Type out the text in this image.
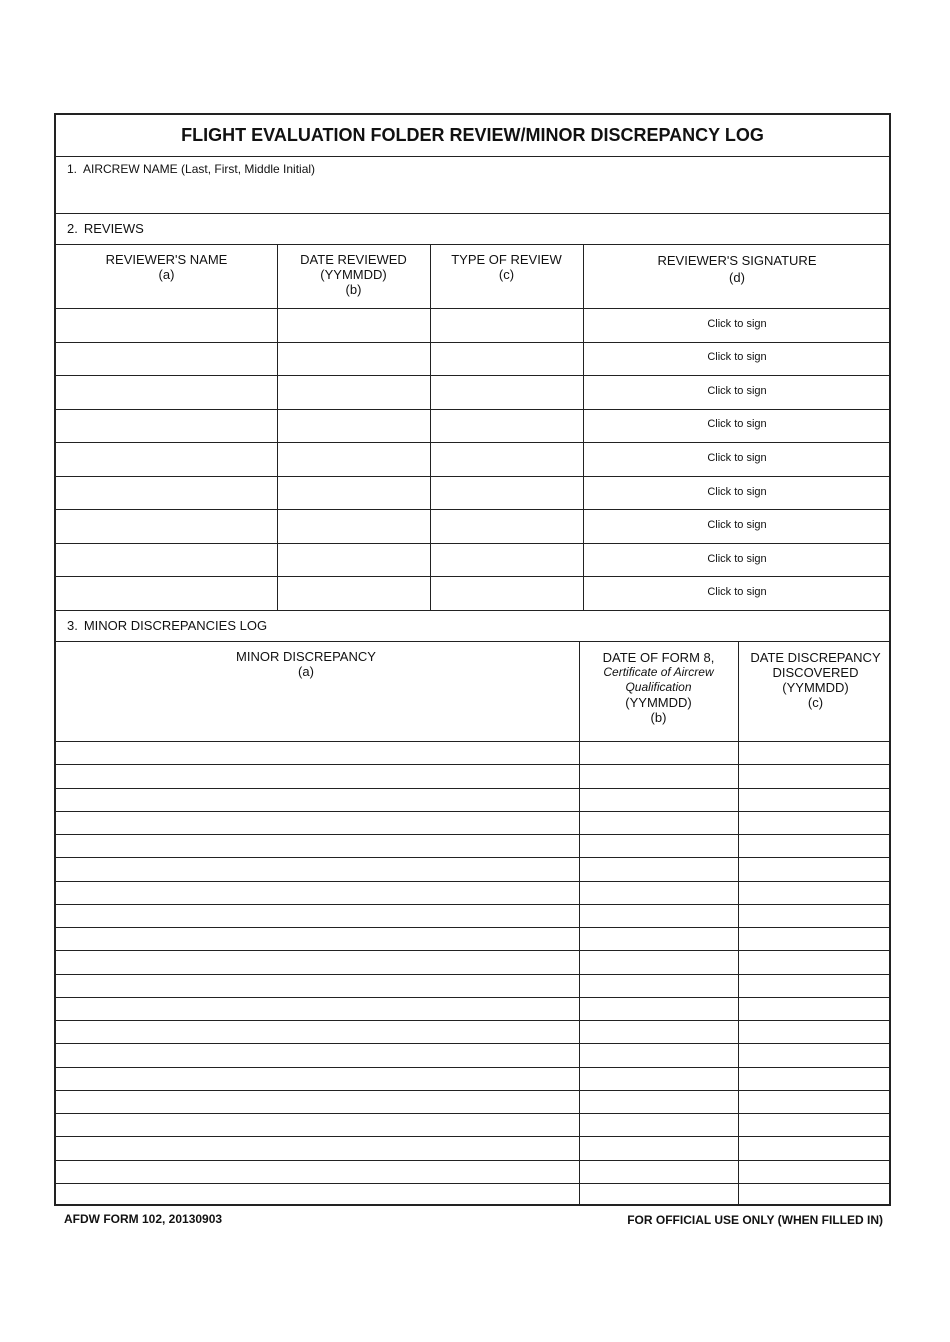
FLIGHT EVALUATION FOLDER REVIEW/MINOR DISCREPANCY LOG
1. AIRCREW NAME (Last, First, Middle Initial)
2. REVIEWS
REVIEWER'S NAME
(a)
DATE REVIEWED
(YYMMDD)
(b)
TYPE OF REVIEW
(c)
REVIEWER'S SIGNATURE
(d)
Click to sign
Click to sign
Click to sign
Click to sign
Click to sign
Click to sign
Click to sign
Click to sign
Click to sign
3. MINOR DISCREPANCIES LOG
MINOR DISCREPANCY
(a)
DATE OF FORM 8,
Certificate of Aircrew
Qualification
(YYMMDD)
(b)
DATE DISCREPANCY
DISCOVERED
(YYMMDD)
(c)
AFDW FORM 102, 20130903	FOR OFFICIAL USE ONLY (WHEN FILLED IN)
